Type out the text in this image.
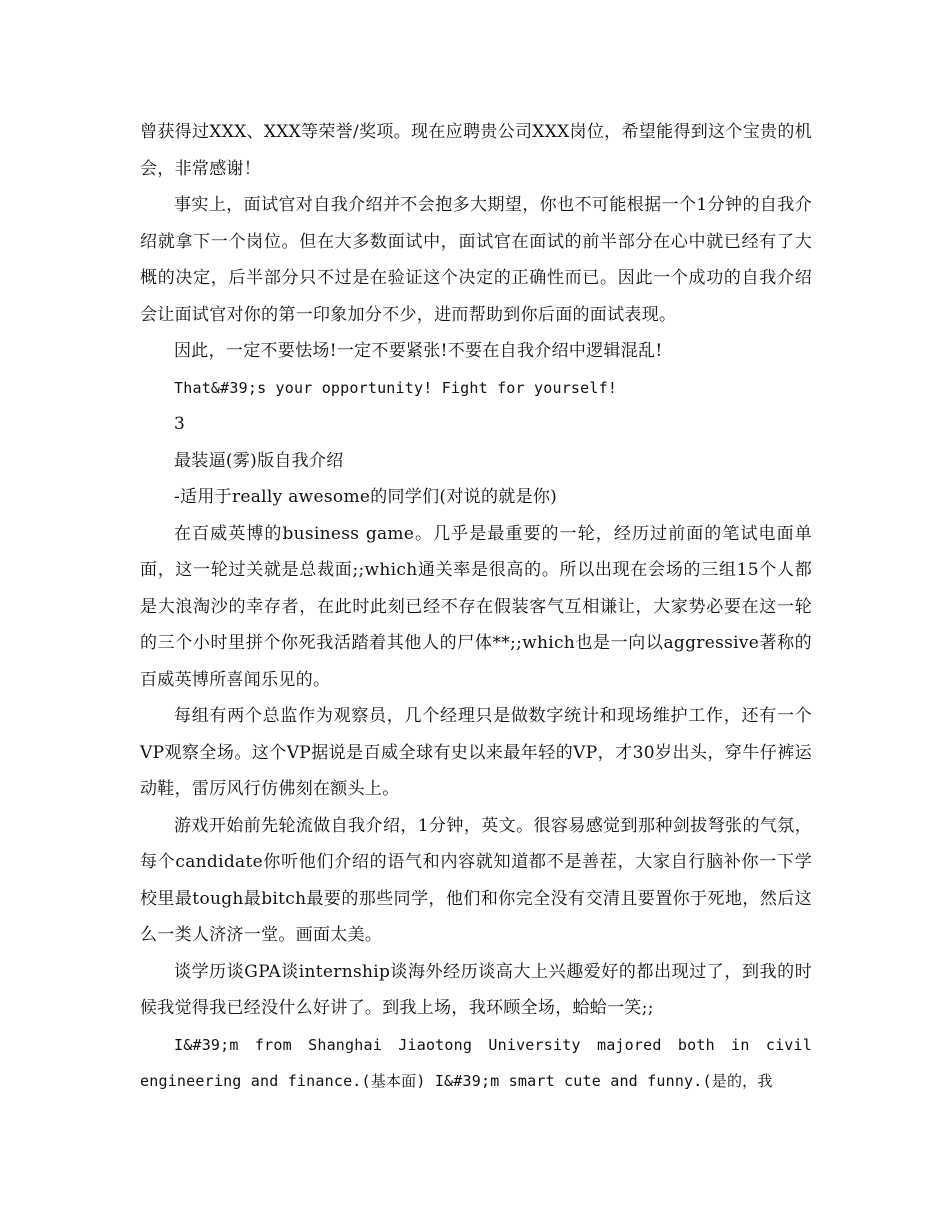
曾获得过XXX、XXX等荣誉/奖项。现在应聘贵公司XXX岗位，希望能得到这个宝贵的机会，非常感谢！

事实上，面试官对自我介绍并不会抱多大期望，你也不可能根据一个1分钟的自我介绍就拿下一个岗位。但在大多数面试中，面试官在面试的前半部分在心中就已经有了大概的决定，后半部分只不过是在验证这个决定的正确性而已。因此一个成功的自我介绍会让面试官对你的第一印象加分不少，进而帮助到你后面的面试表现。

因此，一定不要怯场!一定不要紧张!不要在自我介绍中逻辑混乱!

That&#39;s your opportunity! Fight for yourself!

3

最装逼(雾)版自我介绍

-适用于really awesome的同学们(对说的就是你)

在百威英博的business game。几乎是最重要的一轮，经历过前面的笔试电面单面，这一轮过关就是总裁面;;which通关率是很高的。所以出现在会场的三组15个人都是大浪淘沙的幸存者，在此时此刻已经不存在假装客气互相谦让，大家势必要在这一轮的三个小时里拼个你死我活踏着其他人的尸体**;;which也是一向以aggressive著称的百威英博所喜闻乐见的。

每组有两个总监作为观察员，几个经理只是做数字统计和现场维护工作，还有一个VP观察全场。这个VP据说是百威全球有史以来最年轻的VP，才30岁出头，穿牛仔裤运动鞋，雷厉风行仿佛刻在额头上。

游戏开始前先轮流做自我介绍，1分钟，英文。很容易感觉到那种剑拔弩张的气氛，每个candidate你听他们介绍的语气和内容就知道都不是善茬，大家自行脑补你一下学校里最tough最bitch最要的那些同学，他们和你完全没有交清且要置你于死地，然后这么一类人济济一堂。画面太美。

谈学历谈GPA谈internship谈海外经历谈高大上兴趣爱好的都出现过了，到我的时候我觉得我已经没什么好讲了。到我上场，我环顾全场，蛤蛤一笑;;

I&#39;m from Shanghai Jiaotong University majored both in civil engineering and finance.(基本面) I&#39;m smart cute and funny.(是的，我
